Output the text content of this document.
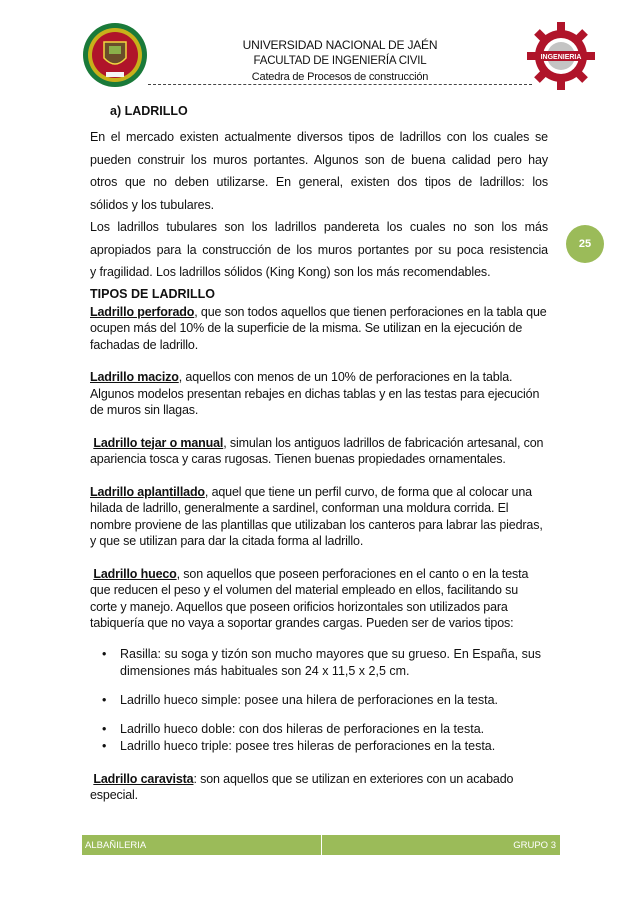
INGENIERIA
UNIVERSIDAD NACIONAL DE JAÉN
FACULTAD DE INGENIERÍA CIVIL
Catedra de Procesos de construcción
25
a) LADRILLO

En el mercado existen actualmente diversos tipos de ladrillos con los cuales se

pueden construir los muros portantes. Algunos son de buena calidad pero hay

otros que no deben utilizarse. En general, existen dos tipos de ladrillos: los

sólidos y los tubulares.

Los ladrillos tubulares son los ladrillos pandereta los cuales no son los más

apropiados para la construcción de los muros portantes por su poca resistencia

y fragilidad. Los ladrillos sólidos (King Kong) son los más recomendables.

TIPOS DE LADRILLO

Ladrillo perforado, que son todos aquellos que tienen perforaciones en la tabla que ocupen más del 10% de la superficie de la misma. Se utilizan en la ejecución de fachadas de ladrillo.

Ladrillo macizo, aquellos con menos de un 10% de perforaciones en la tabla. Algunos modelos presentan rebajes en dichas tablas y en las testas para ejecución de muros sin llagas.

Ladrillo tejar o manual, simulan los antiguos ladrillos de fabricación artesanal, con apariencia tosca y caras rugosas. Tienen buenas propiedades ornamentales.

Ladrillo aplantillado, aquel que tiene un perfil curvo, de forma que al colocar una hilada de ladrillo, generalmente a sardinel, conforman una moldura corrida. El nombre proviene de las plantillas que utilizaban los canteros para labrar las piedras, y que se utilizan para dar la citada forma al ladrillo.

Ladrillo hueco, son aquellos que poseen perforaciones en el canto o en la testa que reducen el peso y el volumen del material empleado en ellos, facilitando su corte y manejo. Aquellos que poseen orificios horizontales son utilizados para tabiquería que no vaya a soportar grandes cargas. Pueden ser de varios tipos:

• Rasilla: su soga y tizón son mucho mayores que su grueso. En España, sus dimensiones más habituales son 24 x 11,5 x 2,5 cm.
• Ladrillo hueco simple: posee una hilera de perforaciones en la testa.
• Ladrillo hueco doble: con dos hileras de perforaciones en la testa.
• Ladrillo hueco triple: posee tres hileras de perforaciones en la testa.

Ladrillo caravista: son aquellos que se utilizan en exteriores con un acabado especial.

ALBAÑILERIA	GRUPO 3
